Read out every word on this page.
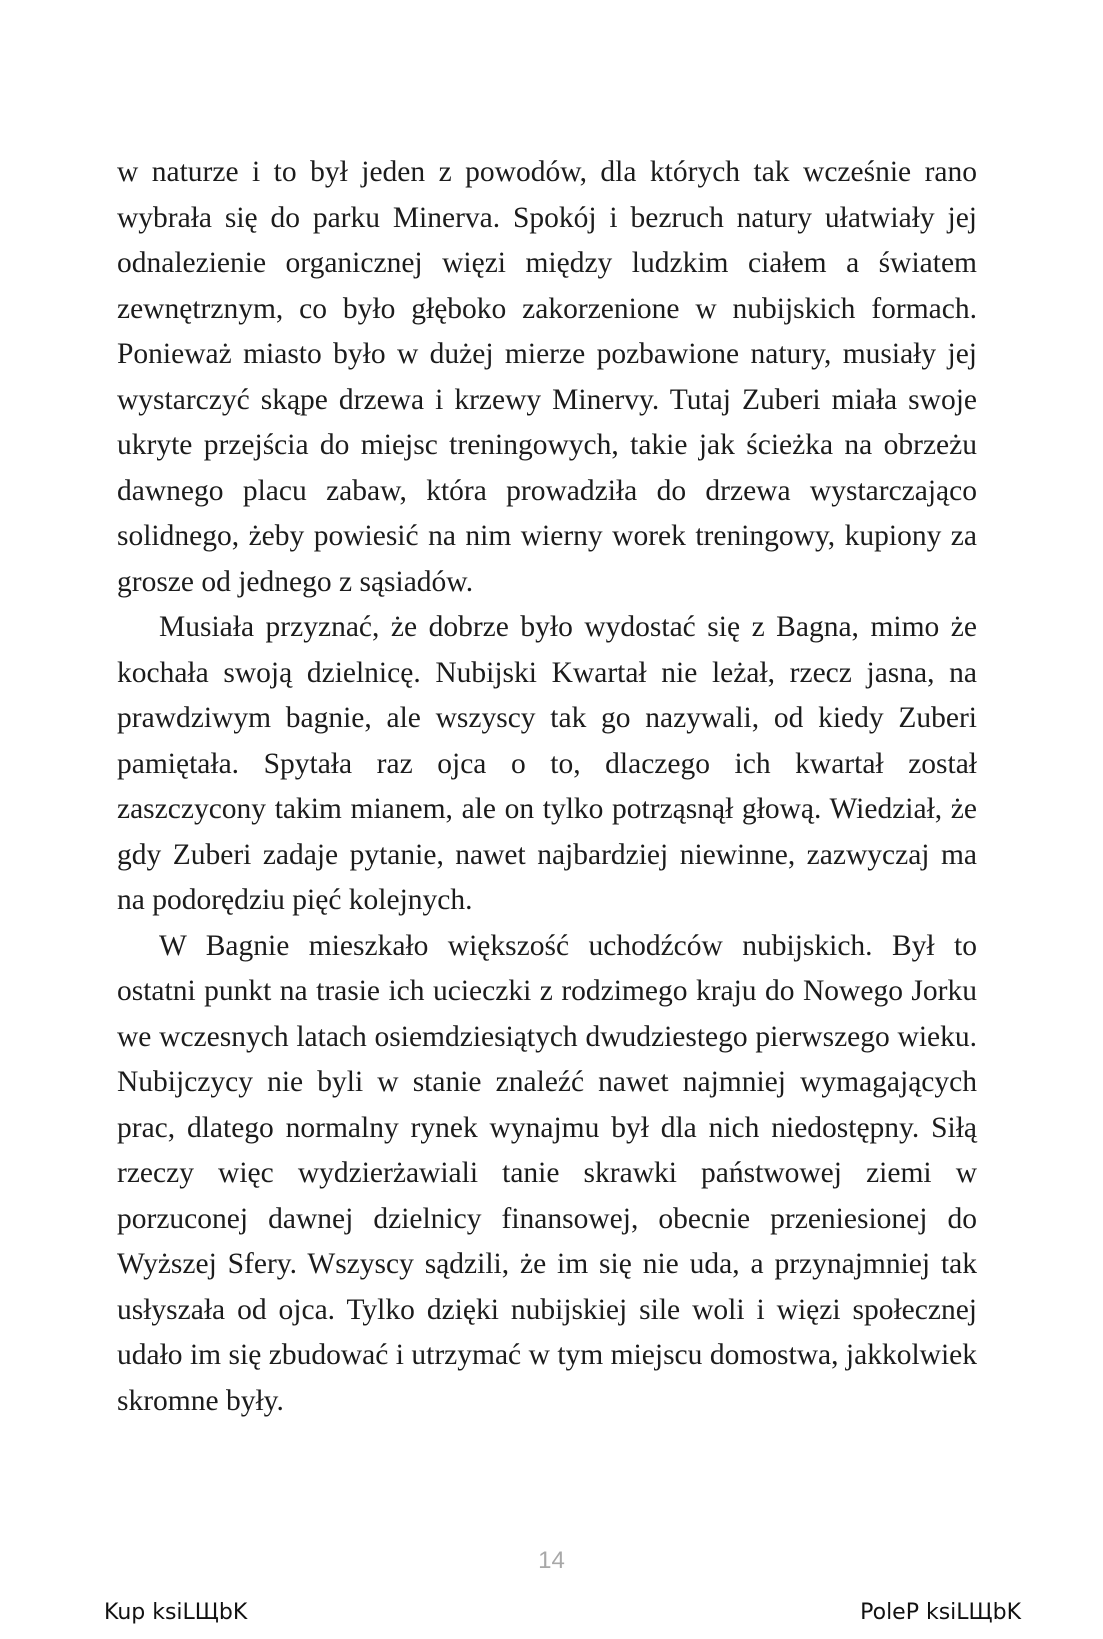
w naturze i to był jeden z powodów, dla których tak wcześnie rano wybrała się do parku Minerva. Spokój i bezruch natury ułatwiały jej odnalezienie organicznej więzi między ludzkim ciałem a światem zewnętrznym, co było głęboko zakorzenione w nubijskich formach. Ponieważ miasto było w dużej mierze pozbawione natury, musiały jej wystarczyć skąpe drzewa i krzewy Minervy. Tutaj Zuberi miała swoje ukryte przejścia do miejsc treningowych, takie jak ścieżka na obrzeżu dawnego placu zabaw, która prowadziła do drzewa wystarczająco solidnego, żeby powiesić na nim wierny worek treningowy, kupiony za grosze od jednego z sąsiadów.

Musiała przyznać, że dobrze było wydostać się z Bagna, mimo że kochała swoją dzielnicę. Nubijski Kwartał nie leżał, rzecz jasna, na prawdziwym bagnie, ale wszyscy tak go nazywali, od kiedy Zuberi pamiętała. Spytała raz ojca o to, dlaczego ich kwartał został zaszczycony takim mianem, ale on tylko potrząsnął głową. Wiedział, że gdy Zuberi zadaje pytanie, nawet najbardziej niewinne, zazwyczaj ma na podorędziu pięć kolejnych.

W Bagnie mieszkało większość uchodźców nubijskich. Był to ostatni punkt na trasie ich ucieczki z rodzimego kraju do Nowego Jorku we wczesnych latach osiemdziesiątych dwudziestego pierwszego wieku. Nubijczycy nie byli w stanie znaleźć nawet najmniej wymagających prac, dlatego normalny rynek wynajmu był dla nich niedostępny. Siłą rzeczy więc wydzierżawiali tanie skrawki państwowej ziemi w porzuconej dawnej dzielnicy finansowej, obecnie przeniesionej do Wyższej Sfery. Wszyscy sądzili, że im się nie uda, a przynajmniej tak usłyszała od ojca. Tylko dzięki nubijskiej sile woli i więzi społecznej udało im się zbudować i utrzymać w tym miejscu domostwa, jakkolwiek skromne były.

14
Kup ksiLЩbK	PoleP ksiLЩbK
